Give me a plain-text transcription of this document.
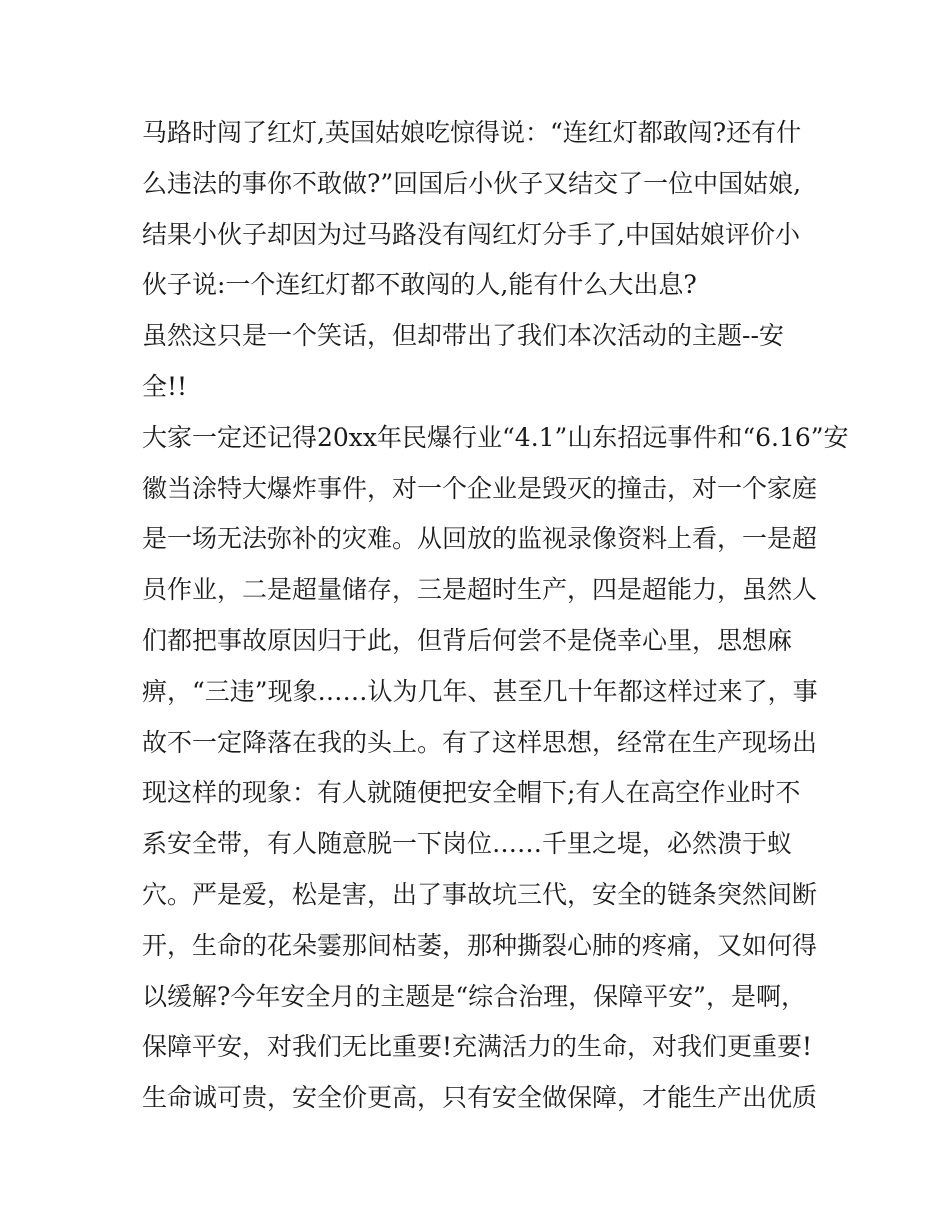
马路时闯了红灯,英国姑娘吃惊得说：“连红灯都敢闯?还有什
么违法的事你不敢做?”回国后小伙子又结交了一位中国姑娘,
结果小伙子却因为过马路没有闯红灯分手了,中国姑娘评价小
伙子说:一个连红灯都不敢闯的人,能有什么大出息?
虽然这只是一个笑话，但却带出了我们本次活动的主题--安
全!!
大家一定还记得20xx年民爆行业“4.1”山东招远事件和“6.16”安
徽当涂特大爆炸事件，对一个企业是毁灭的撞击，对一个家庭
是一场无法弥补的灾难。从回放的监视录像资料上看，一是超
员作业，二是超量储存，三是超时生产，四是超能力，虽然人
们都把事故原因归于此，但背后何尝不是侥幸心里，思想麻
痹，“三违”现象……认为几年、甚至几十年都这样过来了，事
故不一定降落在我的头上。有了这样思想，经常在生产现场出
现这样的现象：有人就随便把安全帽下;有人在高空作业时不
系安全带，有人随意脱一下岗位……千里之堤，必然溃于蚁
穴。严是爱，松是害，出了事故坑三代，安全的链条突然间断
开，生命的花朵霎那间枯萎，那种撕裂心肺的疼痛，又如何得
以缓解?今年安全月的主题是“综合治理，保障平安”，是啊，
保障平安，对我们无比重要!充满活力的生命，对我们更重要!
生命诚可贵，安全价更高，只有安全做保障，才能生产出优质
